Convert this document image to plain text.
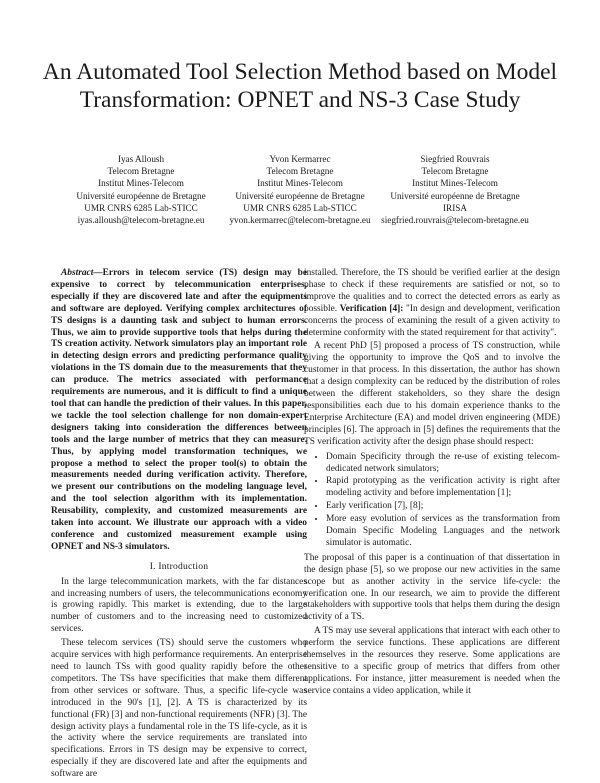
An Automated Tool Selection Method based on Model Transformation: OPNET and NS-3 Case Study
Iyas Alloush
Telecom Bretagne
Institut Mines-Telecom
Université européenne de Bretagne
UMR CNRS 6285 Lab-STICC
iyas.alloush@telecom-bretagne.eu
Yvon Kermarrec
Telecom Bretagne
Institut Mines-Telecom
Université européenne de Bretagne
UMR CNRS 6285 Lab-STICC
yvon.kermarrec@telecom-bretagne.eu
Siegfried Rouvrais
Telecom Bretagne
Institut Mines-Telecom
Université européenne de Bretagne
IRISA
siegfried.rouvrais@telecom-bretagne.eu

Abstract—Errors in telecom service (TS) design may be expensive to correct by telecommunication enterprises, especially if they are discovered late and after the equipments and software are deployed. Verifying complex architectures of TS designs is a daunting task and subject to human errors. Thus, we aim to provide supportive tools that helps during the TS creation activity. Network simulators play an important role in detecting design errors and predicting performance quality violations in the TS domain due to the measurements that they can produce. The metrics associated with performance requirements are numerous, and it is difficult to find a unique tool that can handle the prediction of their values. In this paper, we tackle the tool selection challenge for non domain-expert designers taking into consideration the differences between tools and the large number of metrics that they can measure. Thus, by applying model transformation techniques, we propose a method to select the proper tool(s) to obtain the measurements needed during verification activity. Therefore, we present our contributions on the modeling language level, and the tool selection algorithm with its implementation. Reusability, complexity, and customized measurements are taken into account. We illustrate our approach with a video conference and customized measurement example using OPNET and NS-3 simulators.

I. Introduction

In the large telecommunication markets, with the far distances and increasing numbers of users, the telecommunications economy is growing rapidly. This market is extending, due to the large number of customers and to the increasing need to customized services.

These telecom services (TS) should serve the customers who acquire services with high performance requirements. An enterprise need to launch TSs with good quality rapidly before the other competitors. The TSs have specificities that make them different from other services or software. Thus, a specific life-cycle was introduced in the 90's [1], [2]. A TS is characterized by its functional (FR) [3] and non-functional requirements (NFR) [3]. The design activity plays a fundamental role in the TS life-cycle, as it is the activity where the service requirements are translated into specifications. Errors in TS design may be expensive to correct, especially if they are discovered late and after the equipments and software are

installed. Therefore, the TS should be verified earlier at the design phase to check if these requirements are satisfied or not, so to improve the qualities and to correct the detected errors as early as possible. Verification [4]: "In design and development, verification concerns the process of examining the result of a given activity to determine conformity with the stated requirement for that activity".

A recent PhD [5] proposed a process of TS construction, while giving the opportunity to improve the QoS and to involve the customer in that process. In this dissertation, the author has shown that a design complexity can be reduced by the distribution of roles between the different stakeholders, so they share the design responsibilities each due to his domain experience thanks to the Enterprise Architecture (EA) and model driven engineering (MDE) principles [6]. The approach in [5] defines the requirements that the TS verification activity after the design phase should respect:

• Domain Specificity through the re-use of existing telecom-dedicated network simulators;
• Rapid prototyping as the verification activity is right after modeling activity and before implementation [1];
• Early verification [7], [8];
• More easy evolution of services as the transformation from Domain Specific Modeling Languages and the network simulator is automatic.

The proposal of this paper is a continuation of that dissertation in the design phase [5], so we propose our new activities in the same scope but as another activity in the service life-cycle: the verification one. In our research, we aim to provide the different stakeholders with supportive tools that helps them during the design activity of a TS.

A TS may use several applications that interact with each other to perform the service functions. These applications are different themselves in the resources they reserve. Some applications are sensitive to a specific group of metrics that differs from other applications. For instance, jitter measurement is needed when the service contains a video application, while it
